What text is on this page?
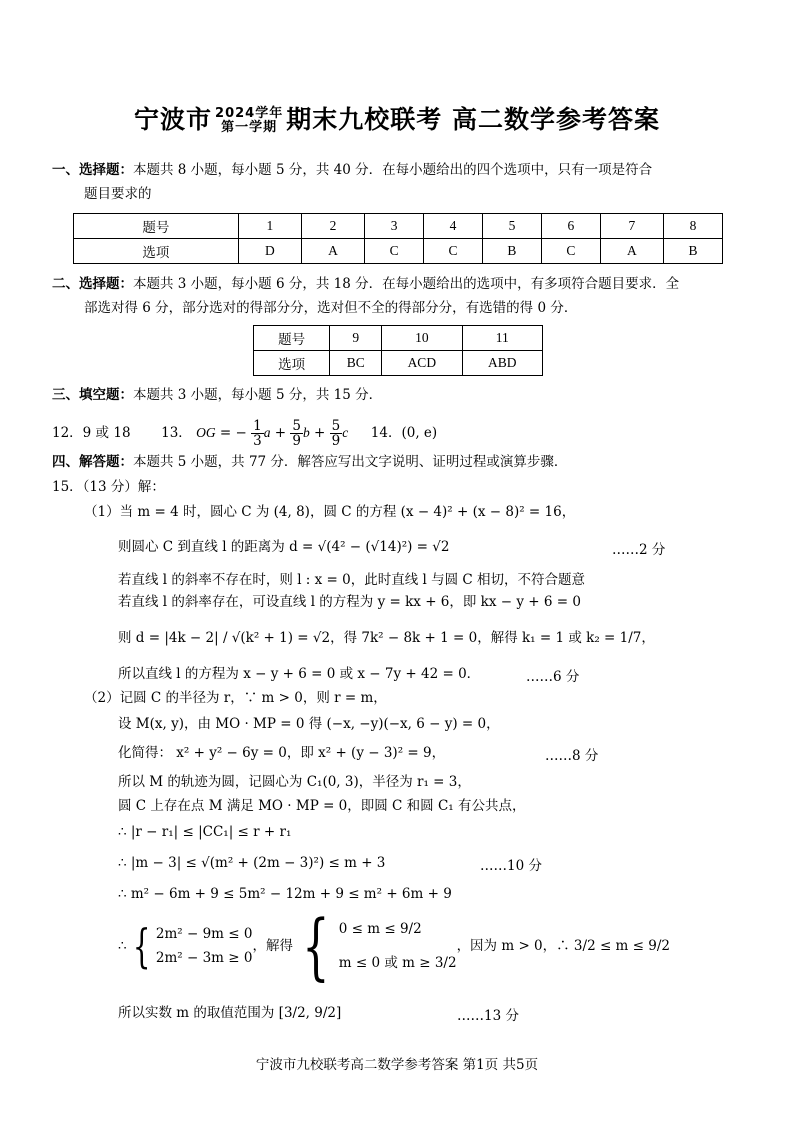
宁波市 2024学年
第一学期 期末九校联考 高二数学参考答案
一、选择题：本题共 8 小题，每小题 5 分，共 40 分．在每小题给出的四个选项中，只有一项是符合
题目要求的
题号	1	2	3	4	5	6	7	8
选项	D	A	C	C	B	C	A	B
二、选择题：本题共 3 小题，每小题 6 分，共 18 分．在每小题给出的选项中，有多项符合题目要求．全
部选对得 6 分，部分选对的得部分分，选对但不全的得部分分，有选错的得 0 分．
题号	9	10	11
选项	BC	ACD	ABD
三、填空题：本题共 3 小题，每小题 5 分，共 15 分．
12．9 或 18 13． OG = − $\frac{1}{3}$ $a + \frac{5}{9}$ $b + \frac{5}{9}$ c 14．(0, e)
四、解答题：本题共 5 小题，共 77 分．解答应写出文字说明、证明过程或演算步骤．
15．（13 分）解：
（1）当 m = 4 时，圆心 C 为 (4, 8)，圆 C 的方程 (x − 4)² + (x − 8)² = 16，
则圆心 C 到直线 l 的距离为 d = √(4² − (√14)²) = √2	……2 分
若直线 l 的斜率不存在时，则 l : x = 0，此时直线 l 与圆 C 相切，不符合题意
若直线 l 的斜率存在，可设直线 l 的方程为 y = kx + 6，即 kx − y + 6 = 0
则 d = |4k − 2| / √(k² + 1) = √2，得 7k² − 8k + 1 = 0，解得 k₁ = 1 或 k₂ = 1/7，
所以直线 l 的方程为 x − y + 6 = 0 或 x − 7y + 42 = 0．	……6 分
（2）记圆 C 的半径为 r，∵ m > 0，则 r = m，
设 M(x, y)，由 MO · MP = 0 得 (−x, −y)(−x, 6 − y) = 0，
化简得： x² + y² − 6y = 0，即 x² + (y − 3)² = 9，	……8 分
所以 M 的轨迹为圆，记圆心为 C₁(0, 3)，半径为 r₁ = 3，
圆 C 上存在点 M 满足 MO · MP = 0，即圆 C 和圆 C₁ 有公共点，
∴ |r − r₁| ≤ |CC₁| ≤ r + r₁
∴ |m − 3| ≤ √(m² + (2m − 3)²) ≤ m + 3	……10 分
∴ m² − 6m + 9 ≤ 5m² − 12m + 9 ≤ m² + 6m + 9
∴ { 2m² − 9m ≤ 0
2m² − 3m ≥ 0
，解得 { 0 ≤ m ≤ 9/2
m ≤ 0 或 m ≥ 3/2
，因为 m > 0，∴ 3/2 ≤ m ≤ 9/2
所以实数 m 的取值范围为 [3/2, 9/2]	……13 分
宁波市九校联考高二数学参考答案 第1页 共5页
